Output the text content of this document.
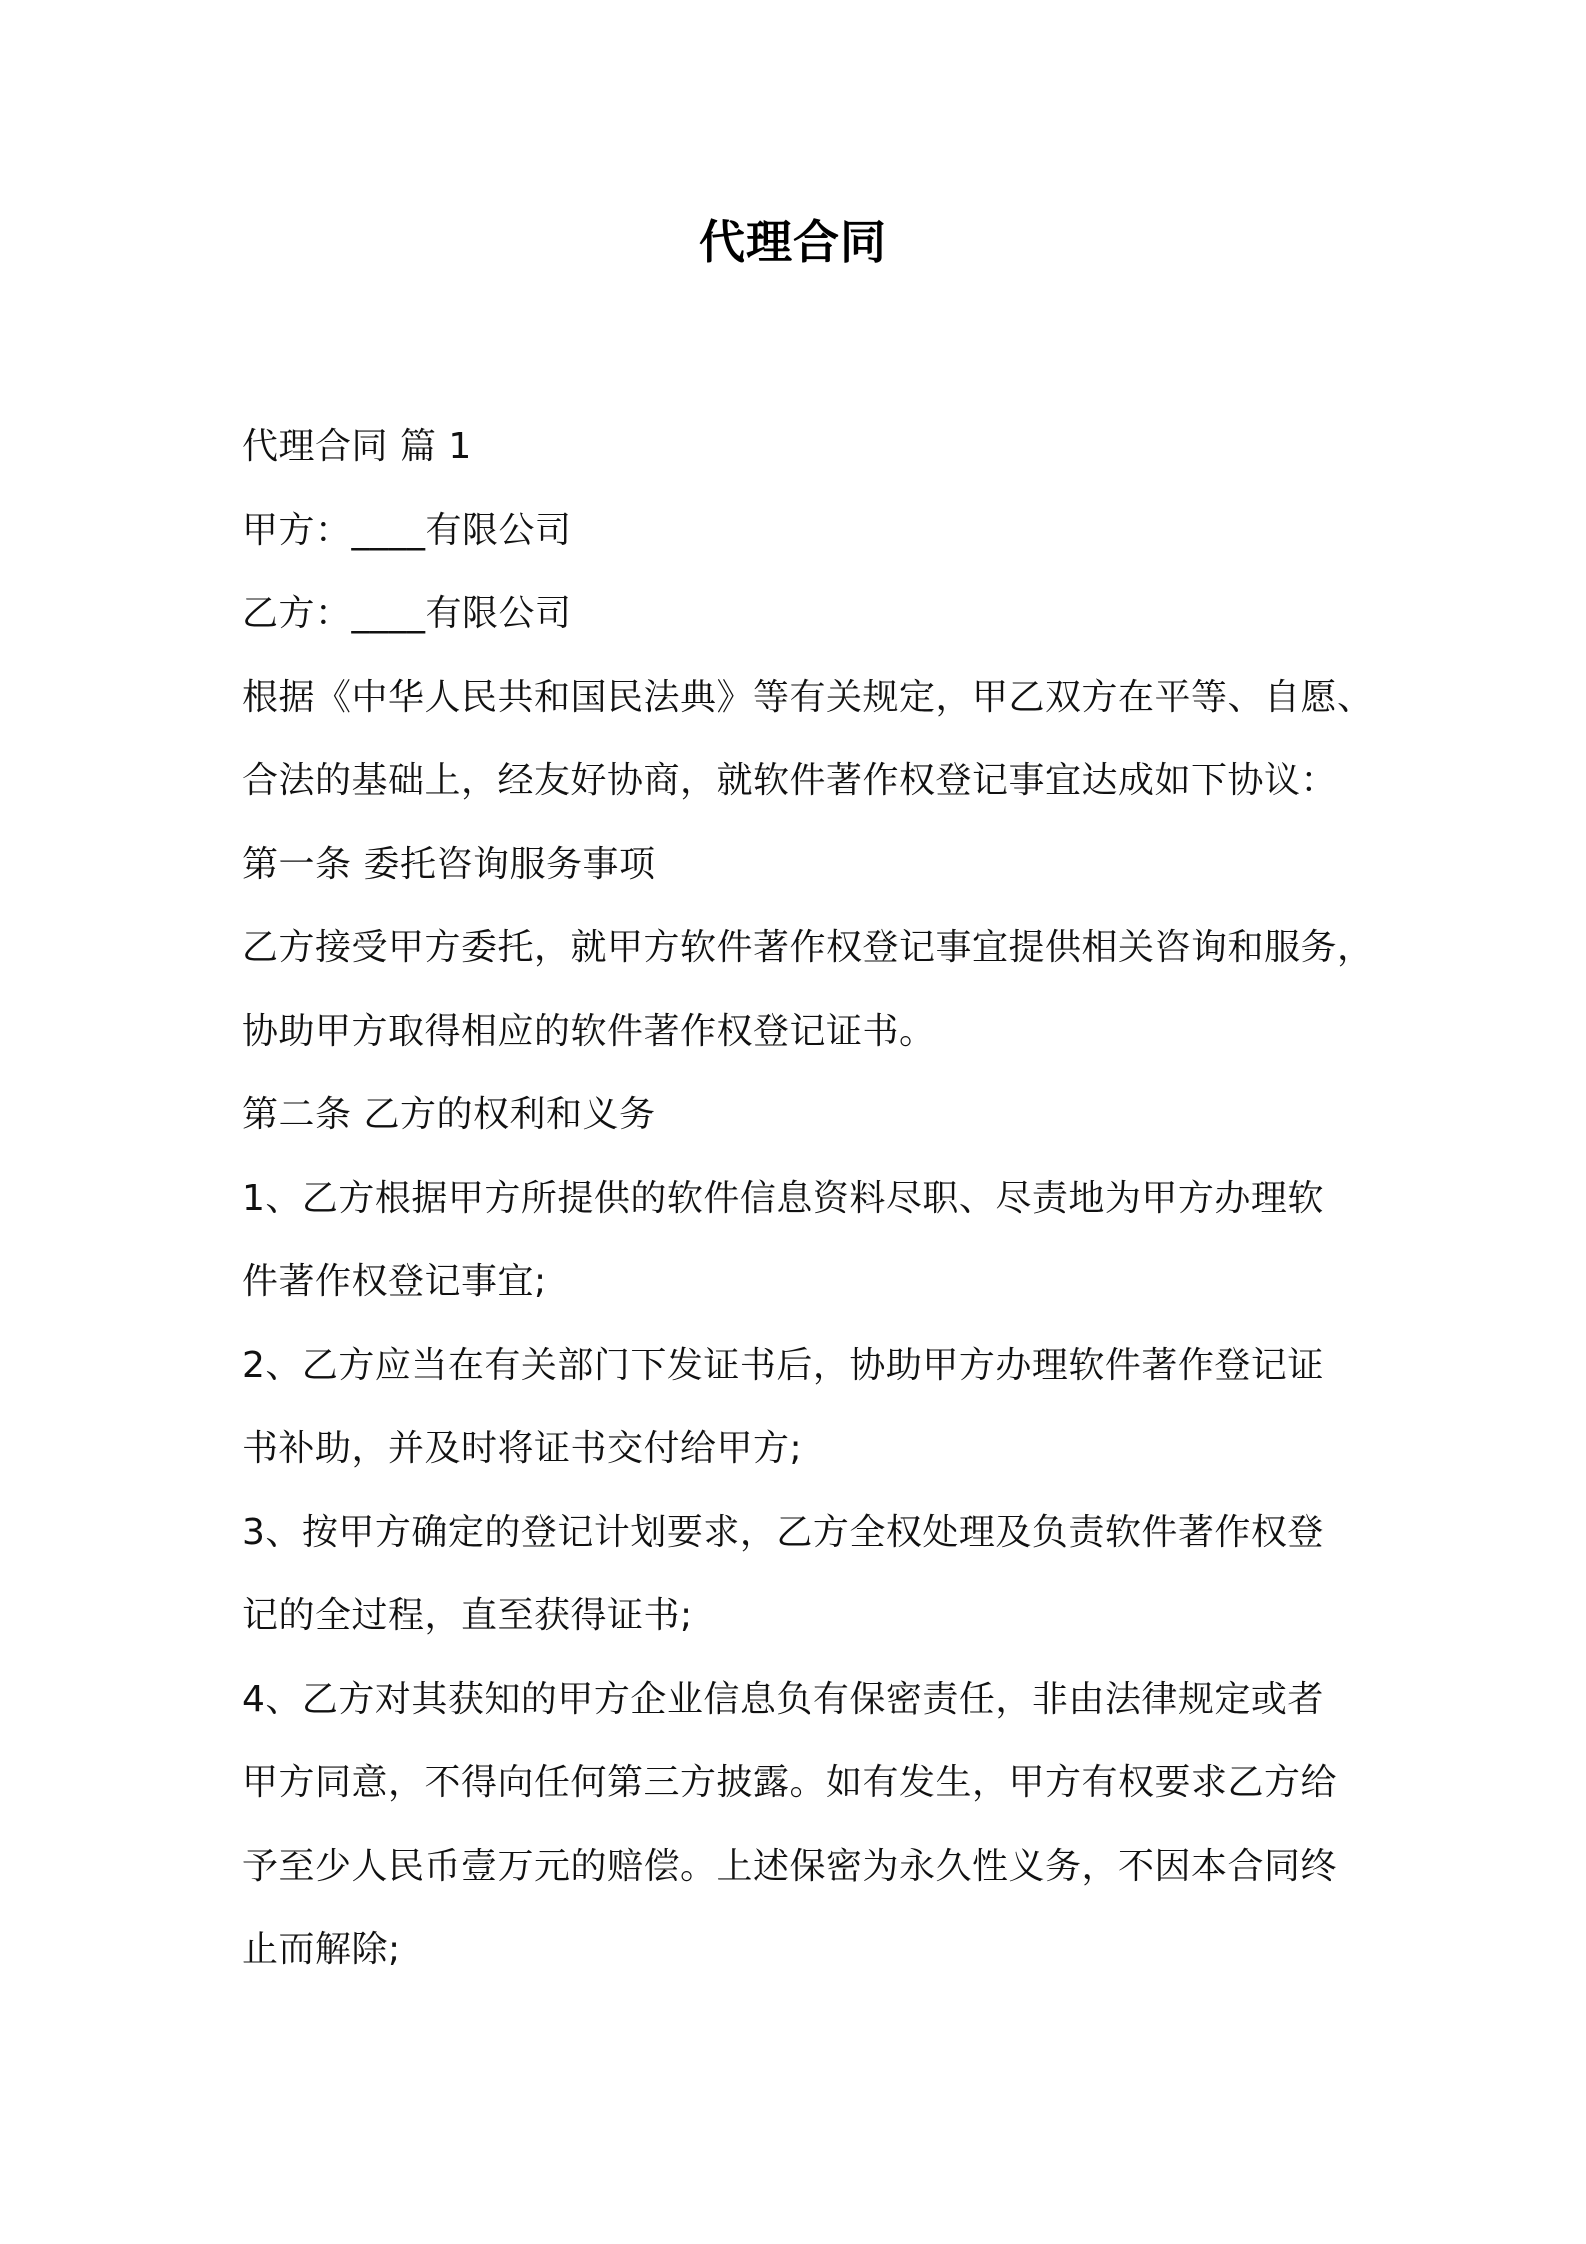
代理合同
代理合同 篇 1
甲方：____有限公司
乙方：____有限公司
根据《中华人民共和国民法典》等有关规定，甲乙双方在平等、自愿、
合法的基础上，经友好协商，就软件著作权登记事宜达成如下协议：
第一条 委托咨询服务事项
乙方接受甲方委托，就甲方软件著作权登记事宜提供相关咨询和服务，
协助甲方取得相应的软件著作权登记证书。
第二条 乙方的权利和义务
1、乙方根据甲方所提供的软件信息资料尽职、尽责地为甲方办理软
件著作权登记事宜;
2、乙方应当在有关部门下发证书后，协助甲方办理软件著作登记证
书补助，并及时将证书交付给甲方;
3、按甲方确定的登记计划要求，乙方全权处理及负责软件著作权登
记的全过程，直至获得证书;
4、乙方对其获知的甲方企业信息负有保密责任，非由法律规定或者
甲方同意，不得向任何第三方披露。如有发生，甲方有权要求乙方给
予至少人民币壹万元的赔偿。上述保密为永久性义务，不因本合同终
止而解除;
